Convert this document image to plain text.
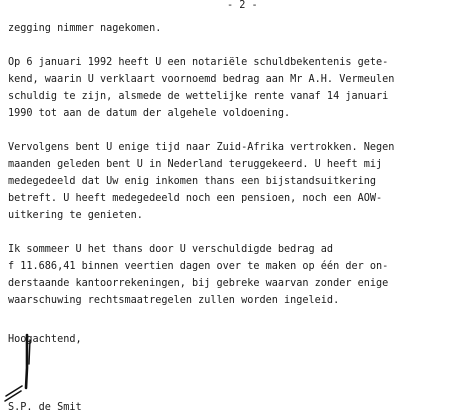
- 2 -
zegging nimmer nagekomen.
Op 6 januari 1992 heeft U een notariële schuldbekentenis gete-
kend, waarin U verklaart voornoemd bedrag aan Mr A.H. Vermeulen
schuldig te zijn, alsmede de wettelijke rente vanaf 14 januari
1990 tot aan de datum der algehele voldoening.
Vervolgens bent U enige tijd naar Zuid-Afrika vertrokken. Negen
maanden geleden bent U in Nederland teruggekeerd. U heeft mij
medegedeeld dat Uw enig inkomen thans een bijstandsuitkering
betreft. U heeft medegedeeld noch een pensioen, noch een AOW-
uitkering te genieten.
Ik sommeer U het thans door U verschuldigde bedrag ad
f 11.686,41 binnen veertien dagen over te maken op één der on-
derstaande kantoorrekeningen, bij gebreke waarvan zonder enige
waarschuwing rechtsmaatregelen zullen worden ingeleid.
Hoogachtend,
S.P. de Smit
